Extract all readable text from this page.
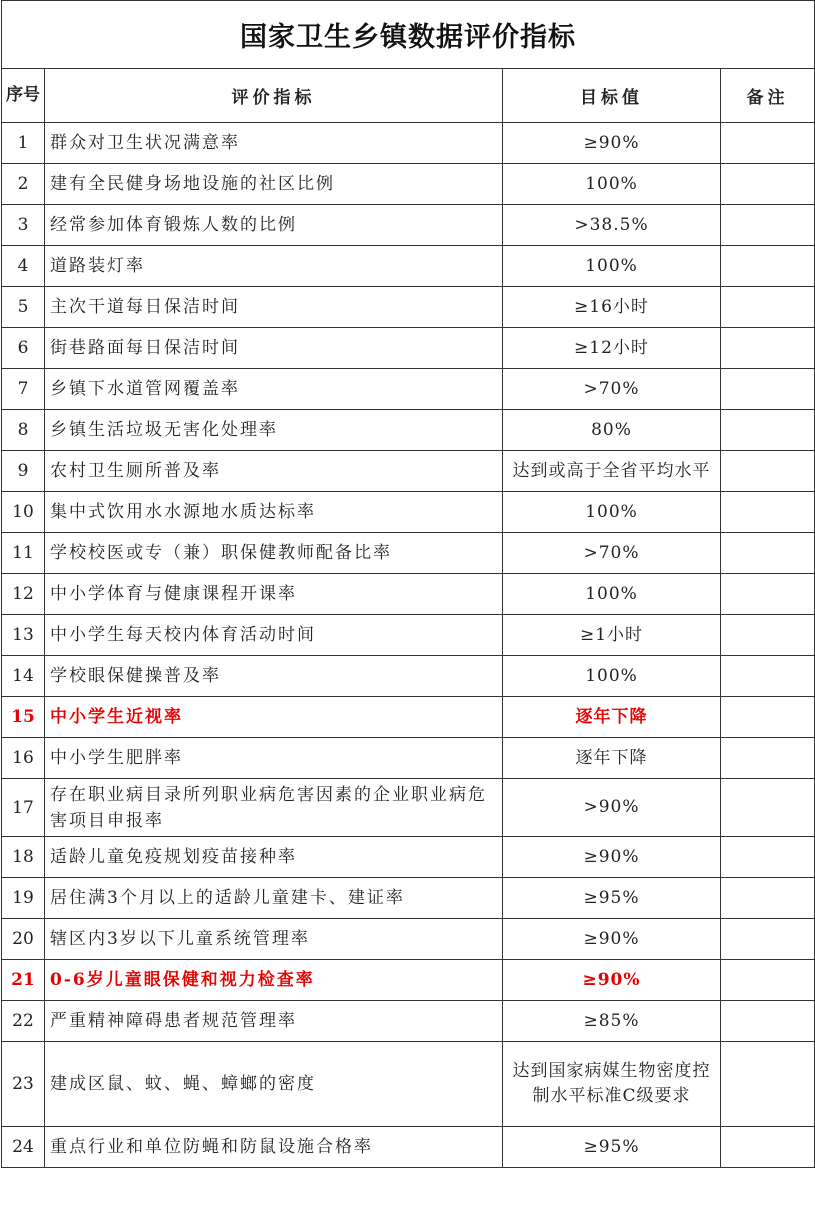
国家卫生乡镇数据评价指标			
序号	评价指标	目标值	备注
1	群众对卫生状况满意率	≥90%	
2	建有全民健身场地设施的社区比例	100%	
3	经常参加体育锻炼人数的比例	>38.5%	
4	道路装灯率	100%	
5	主次干道每日保洁时间	≥16小时	
6	街巷路面每日保洁时间	≥12小时	
7	乡镇下水道管网覆盖率	>70%	
8	乡镇生活垃圾无害化处理率	80%	
9	农村卫生厕所普及率	达到或高于全省平均水平	

10	集中式饮用水水源地水质达标率	100%	
11	学校校医或专（兼）职保健教师配备比率	>70%	
12	中小学体育与健康课程开课率	100%	
13	中小学生每天校内体育活动时间	≥1小时	
14	学校眼保健操普及率	100%	
15	中小学生近视率	逐年下降	
16	中小学生肥胖率	逐年下降	
17	存在职业病目录所列职业病危害因素的企业职业病危害项目申报率	>90%	
18	适龄儿童免疫规划疫苗接种率	≥90%	
19	居住满3个月以上的适龄儿童建卡、建证率	≥95%	
20	辖区内3岁以下儿童系统管理率	≥90%	
21	0-6岁儿童眼保健和视力检查率	≥90%	
22	严重精神障碍患者规范管理率	≥85%	
23	建成区鼠、蚊、蝇、蟑螂的密度	达到国家病媒生物密度控制水平标准C级要求	
24	重点行业和单位防蝇和防鼠设施合格率	≥95%	
